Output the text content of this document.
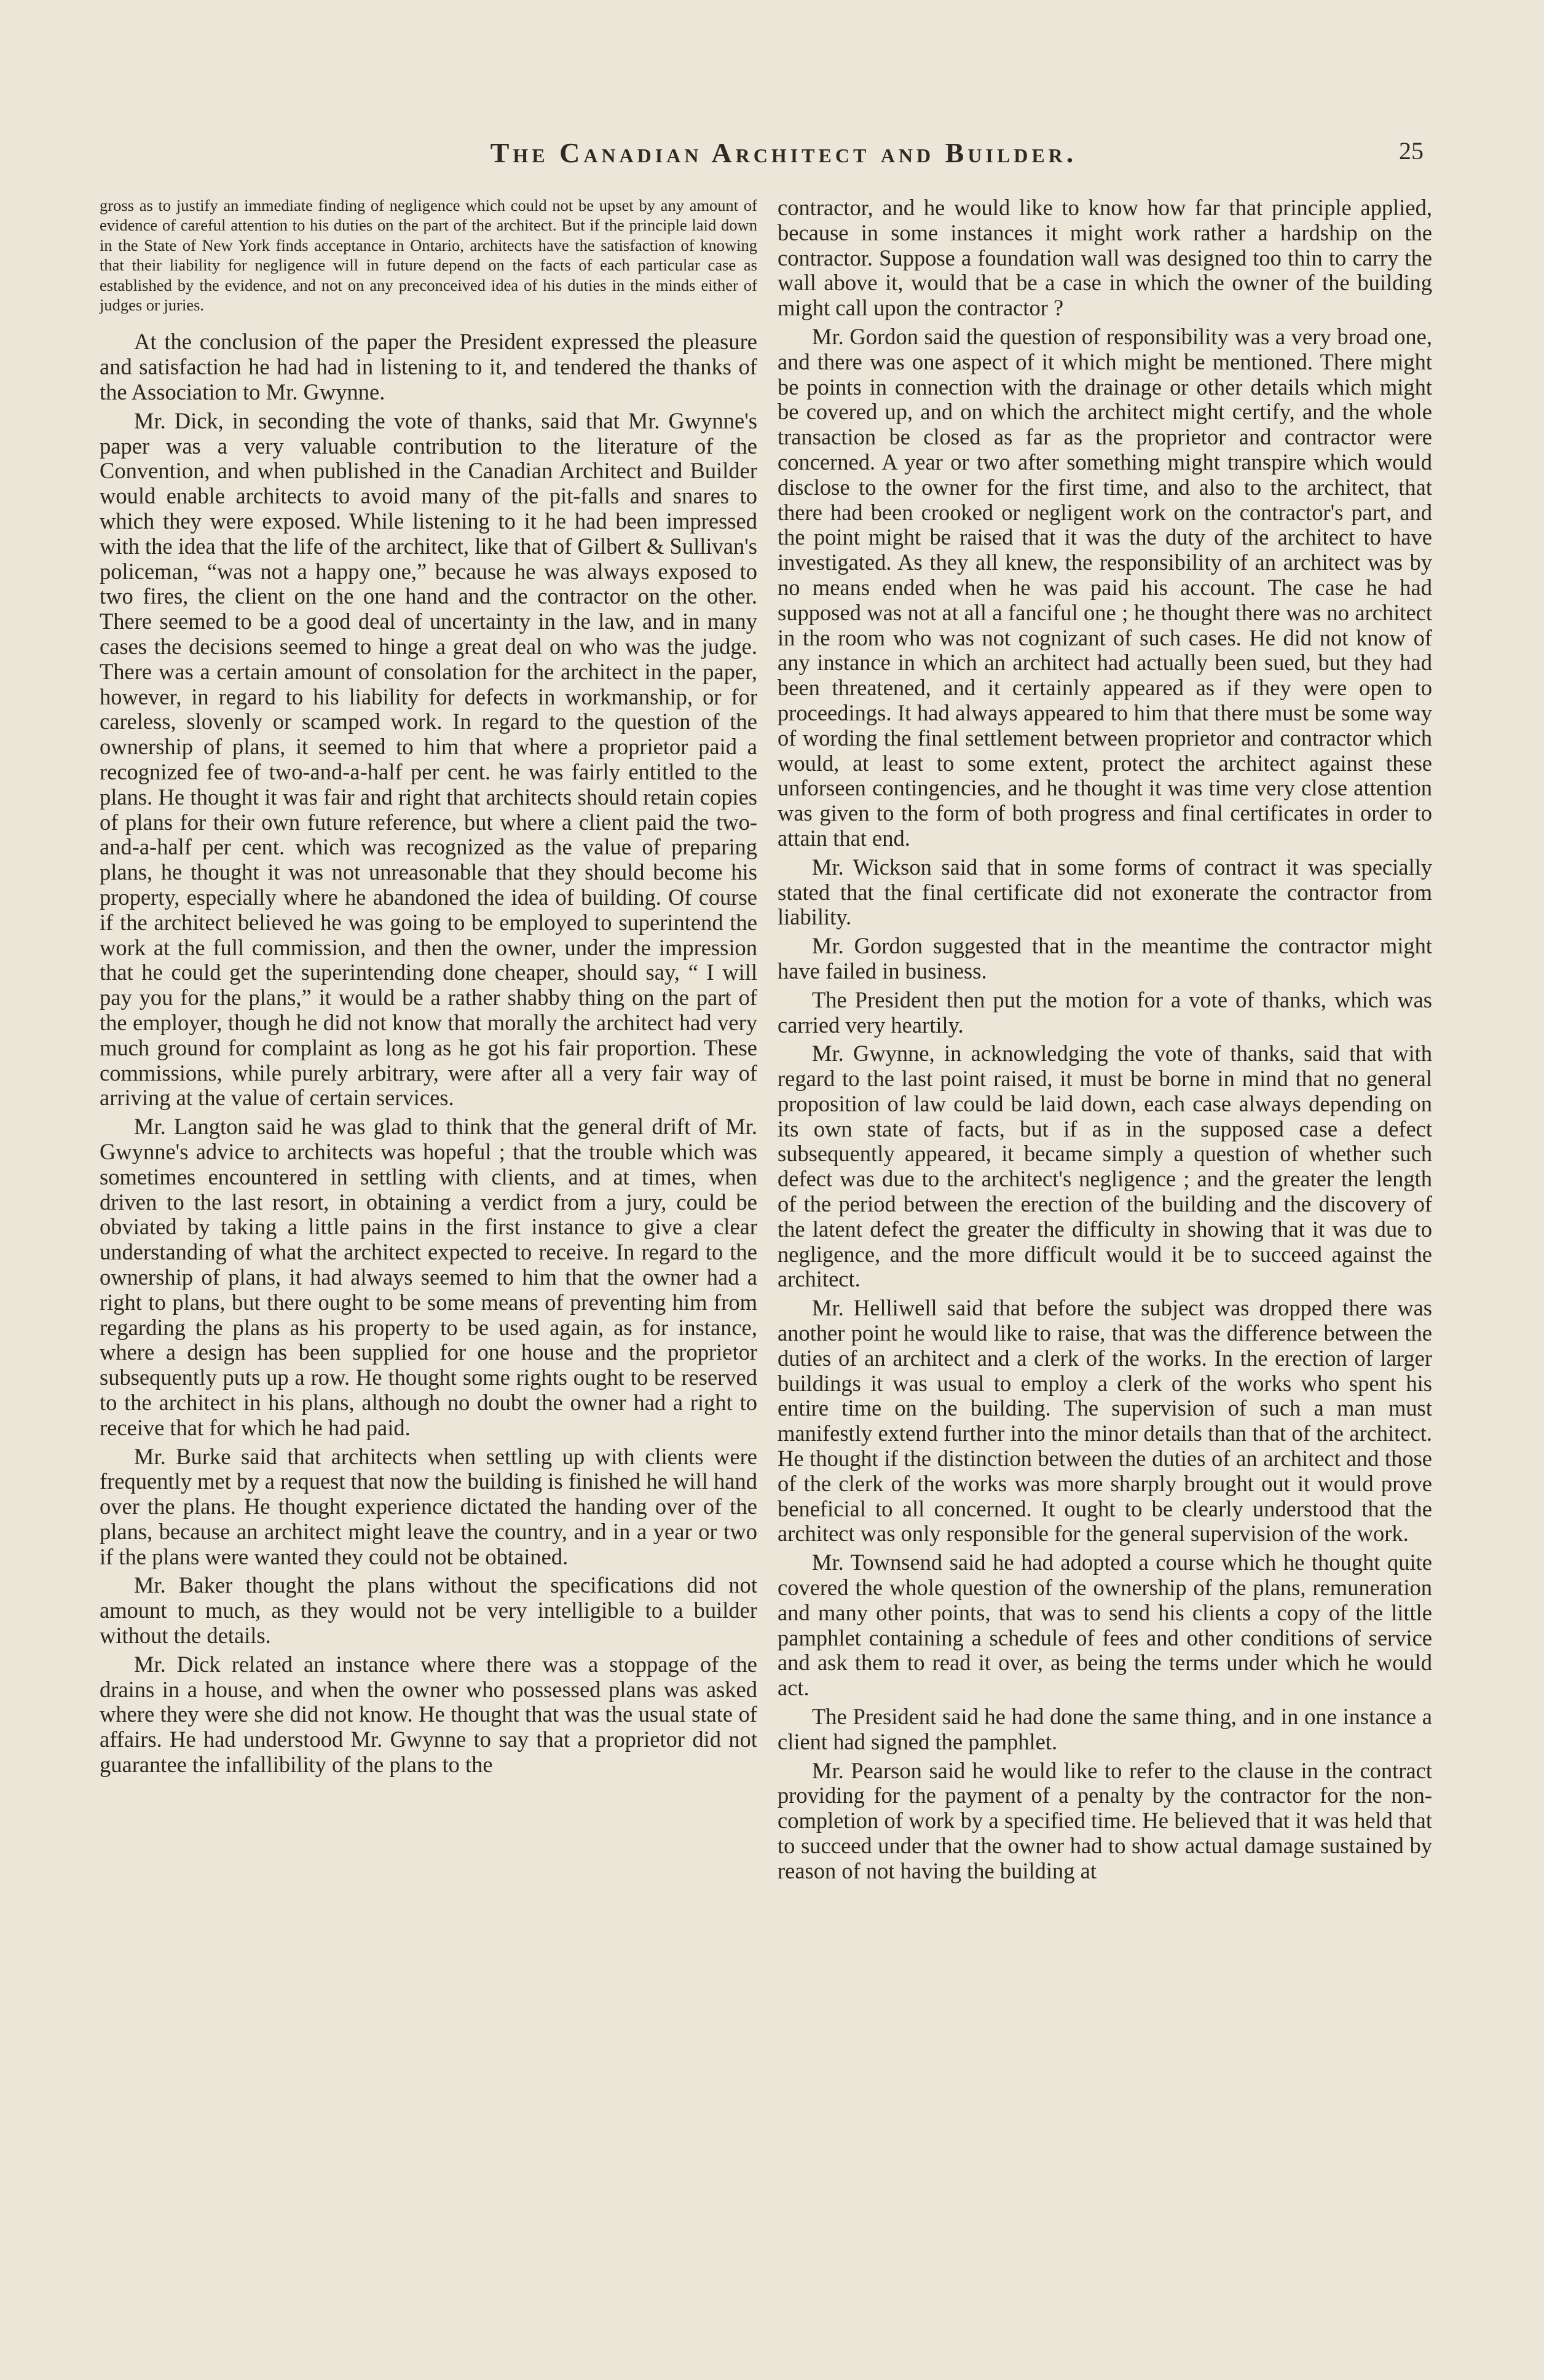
The Canadian Architect and Builder.	25

gross as to justify an immediate finding of negligence which could not be upset by any amount of evidence of careful attention to his duties on the part of the architect. But if the principle laid down in the State of New York finds acceptance in Ontario, architects have the satisfaction of knowing that their liability for negligence will in future depend on the facts of each particular case as established by the evidence, and not on any preconceived idea of his duties in the minds either of judges or juries.

At the conclusion of the paper the President expressed the pleasure and satisfaction he had had in listening to it, and tendered the thanks of the Association to Mr. Gwynne.

Mr. Dick, in seconding the vote of thanks, said that Mr. Gwynne's paper was a very valuable contribution to the literature of the Convention, and when published in the Canadian Architect and Builder would enable architects to avoid many of the pit-falls and snares to which they were exposed. While listening to it he had been impressed with the idea that the life of the architect, like that of Gilbert & Sullivan's policeman, “was not a happy one,” because he was always exposed to two fires, the client on the one hand and the contractor on the other. There seemed to be a good deal of uncertainty in the law, and in many cases the decisions seemed to hinge a great deal on who was the judge. There was a certain amount of consolation for the architect in the paper, however, in regard to his liability for defects in workmanship, or for careless, slovenly or scamped work. In regard to the question of the ownership of plans, it seemed to him that where a proprietor paid a recognized fee of two-and-a-half per cent. he was fairly entitled to the plans. He thought it was fair and right that architects should retain copies of plans for their own future reference, but where a client paid the two-and-a-half per cent. which was recognized as the value of preparing plans, he thought it was not unreasonable that they should become his property, especially where he abandoned the idea of building. Of course if the architect believed he was going to be employed to superintend the work at the full commission, and then the owner, under the impression that he could get the superintending done cheaper, should say, “ I will pay you for the plans,” it would be a rather shabby thing on the part of the employer, though he did not know that morally the architect had very much ground for complaint as long as he got his fair proportion. These commissions, while purely arbitrary, were after all a very fair way of arriving at the value of certain services.

Mr. Langton said he was glad to think that the general drift of Mr. Gwynne's advice to architects was hopeful ; that the trouble which was sometimes encountered in settling with clients, and at times, when driven to the last resort, in obtaining a verdict from a jury, could be obviated by taking a little pains in the first instance to give a clear understanding of what the architect expected to receive. In regard to the ownership of plans, it had always seemed to him that the owner had a right to plans, but there ought to be some means of preventing him from regarding the plans as his property to be used again, as for instance, where a design has been supplied for one house and the proprietor subsequently puts up a row. He thought some rights ought to be reserved to the architect in his plans, although no doubt the owner had a right to receive that for which he had paid.

Mr. Burke said that architects when settling up with clients were frequently met by a request that now the building is finished he will hand over the plans. He thought experience dictated the handing over of the plans, because an architect might leave the country, and in a year or two if the plans were wanted they could not be obtained.

Mr. Baker thought the plans without the specifications did not amount to much, as they would not be very intelligible to a builder without the details.

Mr. Dick related an instance where there was a stoppage of the drains in a house, and when the owner who possessed plans was asked where they were she did not know. He thought that was the usual state of affairs. He had understood Mr. Gwynne to say that a proprietor did not guarantee the infallibility of the plans to the

contractor, and he would like to know how far that principle applied, because in some instances it might work rather a hardship on the contractor. Suppose a foundation wall was designed too thin to carry the wall above it, would that be a case in which the owner of the building might call upon the contractor ?

Mr. Gordon said the question of responsibility was a very broad one, and there was one aspect of it which might be mentioned. There might be points in connection with the drainage or other details which might be covered up, and on which the architect might certify, and the whole transaction be closed as far as the proprietor and contractor were concerned. A year or two after something might transpire which would disclose to the owner for the first time, and also to the architect, that there had been crooked or negligent work on the contractor's part, and the point might be raised that it was the duty of the architect to have investigated. As they all knew, the responsibility of an architect was by no means ended when he was paid his account. The case he had supposed was not at all a fanciful one ; he thought there was no architect in the room who was not cognizant of such cases. He did not know of any instance in which an architect had actually been sued, but they had been threatened, and it certainly appeared as if they were open to proceedings. It had always appeared to him that there must be some way of wording the final settlement between proprietor and contractor which would, at least to some extent, protect the architect against these unforseen contingencies, and he thought it was time very close attention was given to the form of both progress and final certificates in order to attain that end.

Mr. Wickson said that in some forms of contract it was specially stated that the final certificate did not exonerate the contractor from liability.

Mr. Gordon suggested that in the meantime the contractor might have failed in business.

The President then put the motion for a vote of thanks, which was carried very heartily.

Mr. Gwynne, in acknowledging the vote of thanks, said that with regard to the last point raised, it must be borne in mind that no general proposition of law could be laid down, each case always depending on its own state of facts, but if as in the supposed case a defect subsequently appeared, it became simply a question of whether such defect was due to the architect's negligence ; and the greater the length of the period between the erection of the building and the discovery of the latent defect the greater the difficulty in showing that it was due to negligence, and the more difficult would it be to succeed against the architect.

Mr. Helliwell said that before the subject was dropped there was another point he would like to raise, that was the difference between the duties of an architect and a clerk of the works. In the erection of larger buildings it was usual to employ a clerk of the works who spent his entire time on the building. The supervision of such a man must manifestly extend further into the minor details than that of the architect. He thought if the distinction between the duties of an architect and those of the clerk of the works was more sharply brought out it would prove beneficial to all concerned. It ought to be clearly understood that the architect was only responsible for the general supervision of the work.

Mr. Townsend said he had adopted a course which he thought quite covered the whole question of the ownership of the plans, remuneration and many other points, that was to send his clients a copy of the little pamphlet containing a schedule of fees and other conditions of service and ask them to read it over, as being the terms under which he would act.

The President said he had done the same thing, and in one instance a client had signed the pamphlet.

Mr. Pearson said he would like to refer to the clause in the contract providing for the payment of a penalty by the contractor for the non-completion of work by a specified time. He believed that it was held that to succeed under that the owner had to show actual damage sustained by reason of not having the building at
